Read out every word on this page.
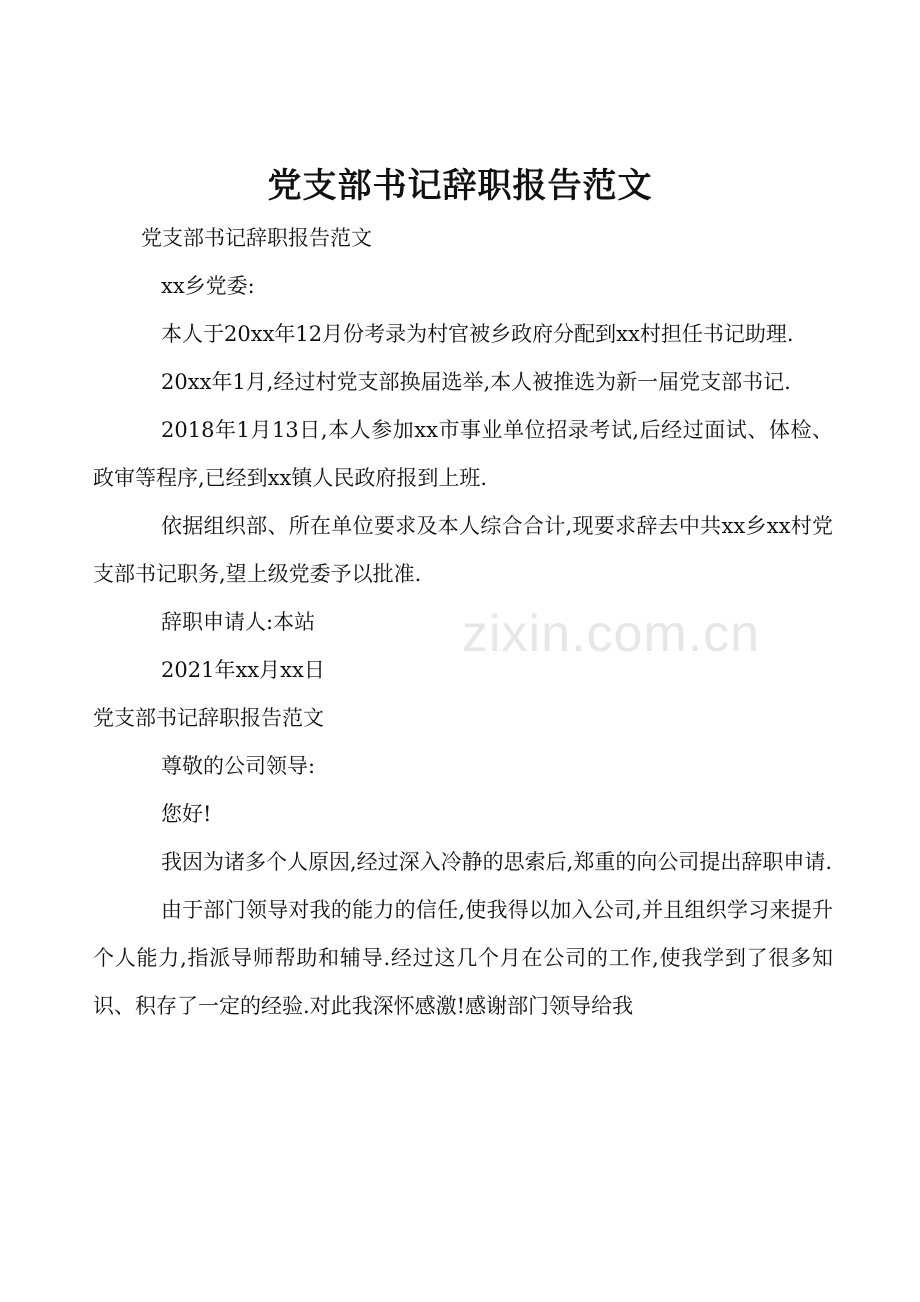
党支部书记辞职报告范文

党支部书记辞职报告范文

xx乡党委:

本人于20xx年12月份考录为村官被乡政府分配到xx村担任书记助理.

20xx年1月,经过村党支部换届选举,本人被推选为新一届党支部书记.

2018年1月13日,本人参加xx市事业单位招录考试,后经过面试、体检、政审等程序,已经到xx镇人民政府报到上班.

依据组织部、所在单位要求及本人综合合计,现要求辞去中共xx乡xx村党支部书记职务,望上级党委予以批准.

辞职申请人:本站

2021年xx月xx日

党支部书记辞职报告范文

尊敬的公司领导:

您好!

我因为诸多个人原因,经过深入冷静的思索后,郑重的向公司提出辞职申请.

由于部门领导对我的能力的信任,使我得以加入公司,并且组织学习来提升个人能力,指派导师帮助和辅导.经过这几个月在公司的工作,使我学到了很多知识、积存了一定的经验.对此我深怀感激!感谢部门领导给我

zixin.com.cn
